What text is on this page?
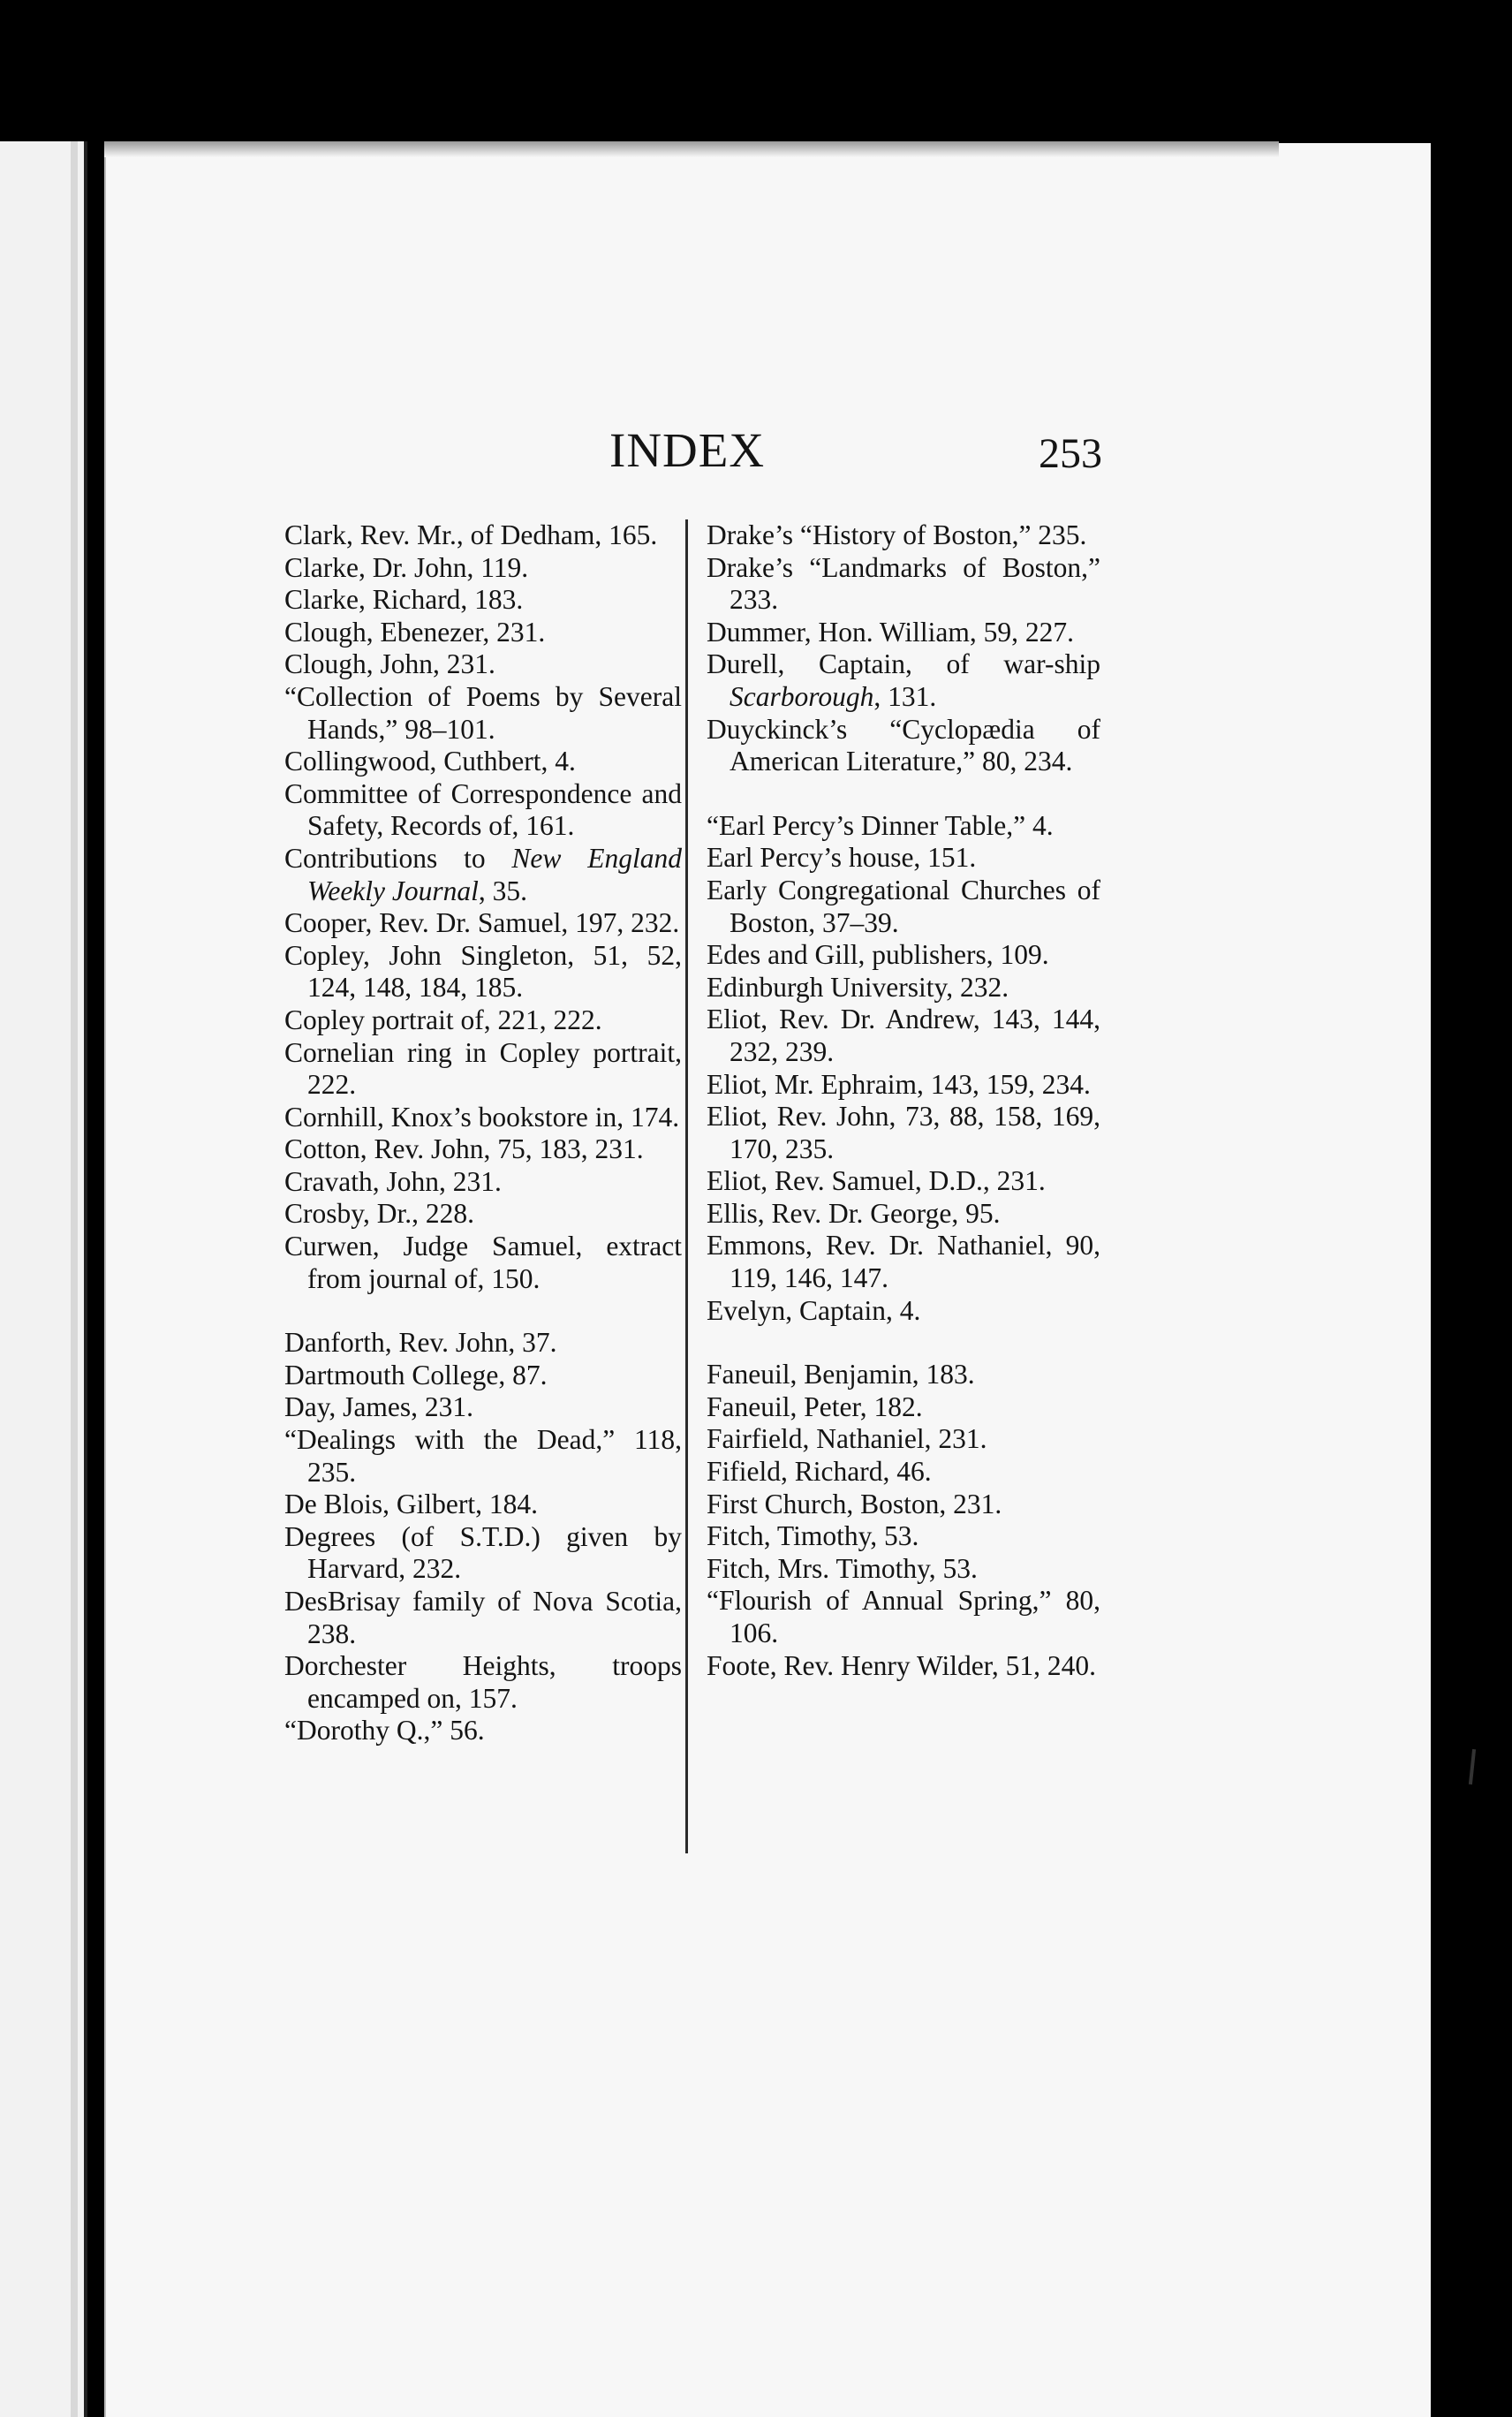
INDEX	253
Clark, Rev. Mr., of Dedham, 165.
Clarke, Dr. John, 119.
Clarke, Richard, 183.
Clough, Ebenezer, 231.
Clough, John, 231.
“Collection of Poems by Several Hands,” 98–101.
Collingwood, Cuthbert, 4.
Committee of Correspondence and Safety, Records of, 161.
Contributions to New England Weekly Journal, 35.
Cooper, Rev. Dr. Samuel, 197, 232.
Copley, John Singleton, 51, 52, 124, 148, 184, 185.
Copley portrait of, 221, 222.
Cornelian ring in Copley portrait, 222.
Cornhill, Knox’s bookstore in, 174.
Cotton, Rev. John, 75, 183, 231.
Cravath, John, 231.
Crosby, Dr., 228.
Curwen, Judge Samuel, extract from journal of, 150.
Danforth, Rev. John, 37.
Dartmouth College, 87.
Day, James, 231.
“Dealings with the Dead,” 118, 235.
De Blois, Gilbert, 184.
Degrees (of S.T.D.) given by Harvard, 232.
DesBrisay family of Nova Scotia, 238.
Dorchester Heights, troops encamped on, 157.
“Dorothy Q.,” 56.
Drake’s “History of Boston,” 235.
Drake’s “Landmarks of Boston,” 233.
Dummer, Hon. William, 59, 227.
Durell, Captain, of war-ship Scarborough, 131.
Duyckinck’s “Cyclopædia of American Literature,” 80, 234.
“Earl Percy’s Dinner Table,” 4.
Earl Percy’s house, 151.
Early Congregational Churches of Boston, 37–39.
Edes and Gill, publishers, 109.
Edinburgh University, 232.
Eliot, Rev. Dr. Andrew, 143, 144, 232, 239.
Eliot, Mr. Ephraim, 143, 159, 234.
Eliot, Rev. John, 73, 88, 158, 169, 170, 235.
Eliot, Rev. Samuel, D.D., 231.
Ellis, Rev. Dr. George, 95.
Emmons, Rev. Dr. Nathaniel, 90, 119, 146, 147.
Evelyn, Captain, 4.
Faneuil, Benjamin, 183.
Faneuil, Peter, 182.
Fairfield, Nathaniel, 231.
Fifield, Richard, 46.
First Church, Boston, 231.
Fitch, Timothy, 53.
Fitch, Mrs. Timothy, 53.
“Flourish of Annual Spring,” 80, 106.
Foote, Rev. Henry Wilder, 51, 240.
